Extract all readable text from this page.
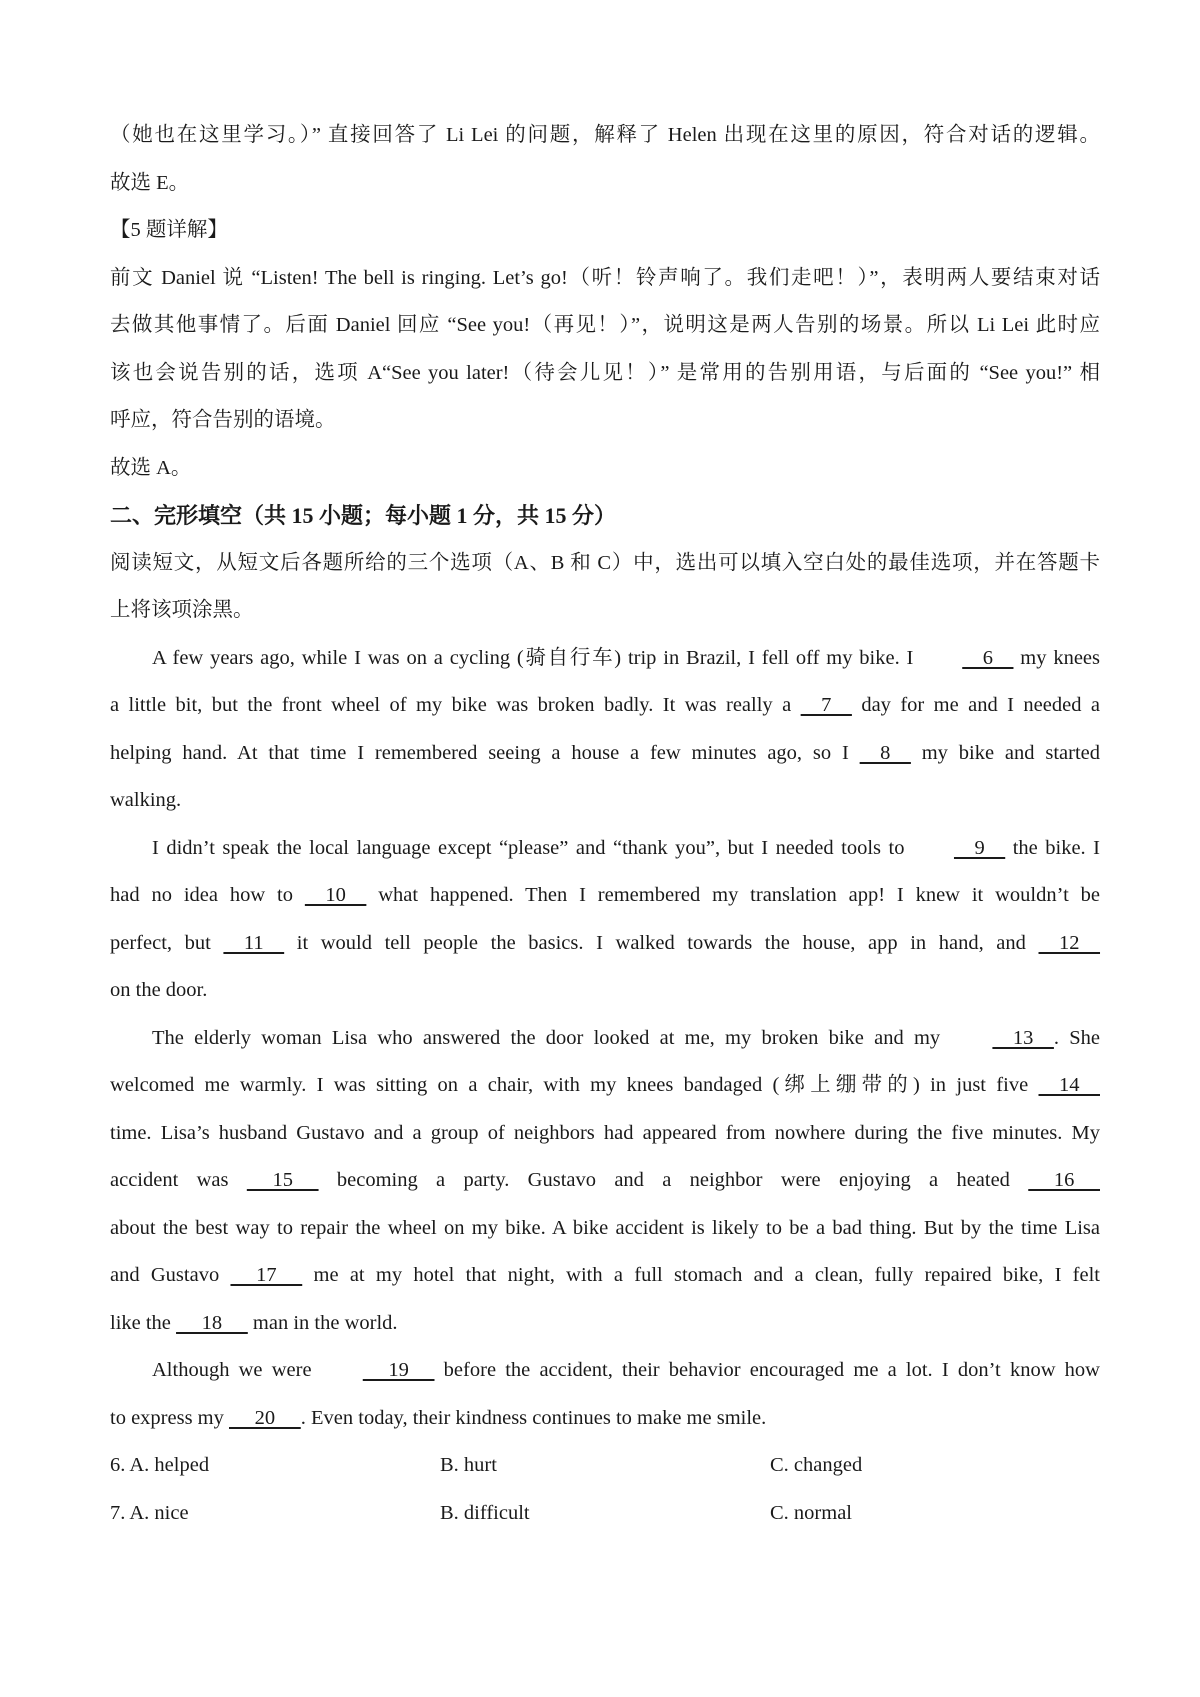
（她也在这里学习。）” 直接回答了 Li Lei 的问题，解释了 Helen 出现在这里的原因，符合对话的逻辑。
故选 E。
【5 题详解】
前文 Daniel 说 “Listen! The bell is ringing. Let’s go!（听！铃声响了。我们走吧！）”，表明两人要结束对话
去做其他事情了。后面 Daniel 回应 “See you!（再见！）”，说明这是两人告别的场景。所以 Li Lei 此时应
该也会说告别的话，选项 A“See you later!（待会儿见！）” 是常用的告别用语，与后面的 “See you!” 相
呼应，符合告别的语境。
故选 A。
二、完形填空（共 15 小题；每小题 1 分，共 15 分）
阅读短文，从短文后各题所给的三个选项（A、B 和 C）中，选出可以填入空白处的最佳选项，并在答题卡
上将该项涂黑。
A few years ago, while I was on a cycling (骑自行车) trip in Brazil, I fell off my bike. I     6     my knees
a little bit, but the front wheel of my bike was broken badly. It was really a     7     day for me and I needed a
helping hand. At that time I remembered seeing a house a few minutes ago, so I     8     my bike and started
walking.
I didn’t speak the local language except “please” and “thank you”, but I needed tools to     9     the bike. I
had no idea how to     10     what happened. Then I remembered my translation app! I knew it wouldn’t be
perfect, but     11     it would tell people the basics. I walked towards the house, app in hand, and     12
on the door.
The elderly woman Lisa who answered the door looked at me, my broken bike and my     13    . She
welcomed me warmly. I was sitting on a chair, with my knees bandaged (绑上绷带的) in just five     14
time. Lisa’s husband Gustavo and a group of neighbors had appeared from nowhere during the five minutes. My
accident was      15      becoming a party. Gustavo and a neighbor were enjoying a heated      16
about the best way to repair the wheel on my bike. A bike accident is likely to be a bad thing. But by the time Lisa
and Gustavo      17      me at my hotel that night, with a full stomach and a clean, fully repaired bike, I felt
like the      18      man in the world.
Although we were      19      before the accident, their behavior encouraged me a lot. I don’t know how
to express my      20     . Even today, their kindness continues to make me smile.
6. A. helped	B. hurt	C. changed
7. A. nice	B. difficult	C. normal
